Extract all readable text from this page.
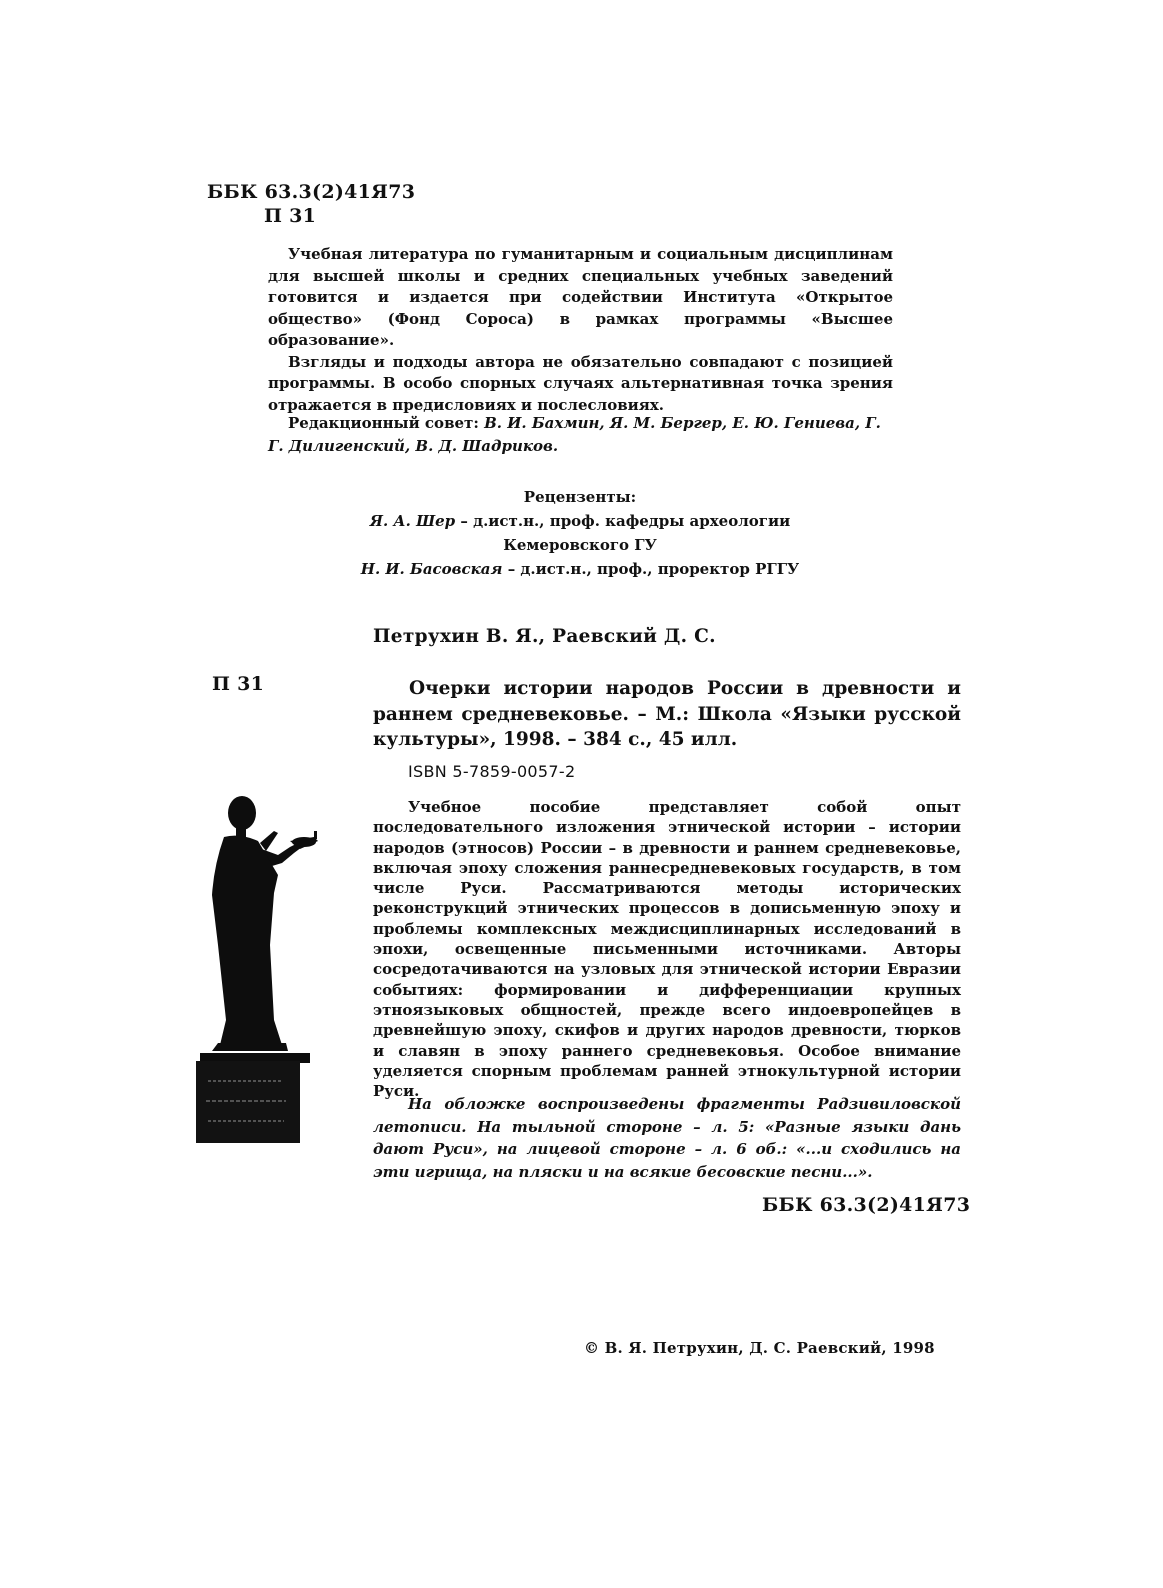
ББК 63.3(2)41Я73
П 31

Учебная литература по гуманитарным и социальным дисциплинам для высшей школы и средних специальных учебных заведений готовится и издается при содействии Института «Открытое общество» (Фонд Сороса) в рамках программы «Высшее образование».

Взгляды и подходы автора не обязательно совпадают с позицией программы. В особо спорных случаях альтернативная точка зрения отражается в предисловиях и послесловиях.

Редакционный совет: В. И. Бахмин, Я. М. Бергер, Е. Ю. Гениева, Г. Г. Дилигенский, В. Д. Шадриков.

Рецензенты:
Я. А. Шер – д.ист.н., проф. кафедры археологии
Кемеровского ГУ
Н. И. Басовская – д.ист.н., проф., проректор РГГУ
Петрухин В. Я., Раевский Д. С.
П 31	Очерки истории народов России в древности и раннем средневековье. – М.: Школа «Языки русской культуры», 1998. – 384 с., 45 илл.
ISBN 5-7859-0057-2
Учебное пособие представляет собой опыт последовательного изложения этнической истории – истории народов (этносов) России – в древности и раннем средневековье, включая эпоху сложения раннесредневековых государств, в том числе Руси. Рассматриваются методы исторических реконструкций этнических процессов в дописьменную эпоху и проблемы комплексных междисциплинарных исследований в эпохи, освещенные письменными источниками. Авторы сосредотачиваются на узловых для этнической истории Евразии событиях: формировании и дифференциации крупных этноязыковых общностей, прежде всего индоевропейцев в древнейшую эпоху, скифов и других народов древности, тюрков и славян в эпоху раннего средневековья. Особое внимание уделяется спорным проблемам ранней этнокультурной истории Руси.
На обложке воспроизведены фрагменты Радзивиловской летописи. На тыльной стороне – л. 5: «Разные языки дань дают Руси», на лицевой стороне – л. 6 об.: «...и сходились на эти игрища, на пляски и на всякие бесовские песни...».
ББК 63.3(2)41Я73
© В. Я. Петрухин, Д. С. Раевский, 1998
